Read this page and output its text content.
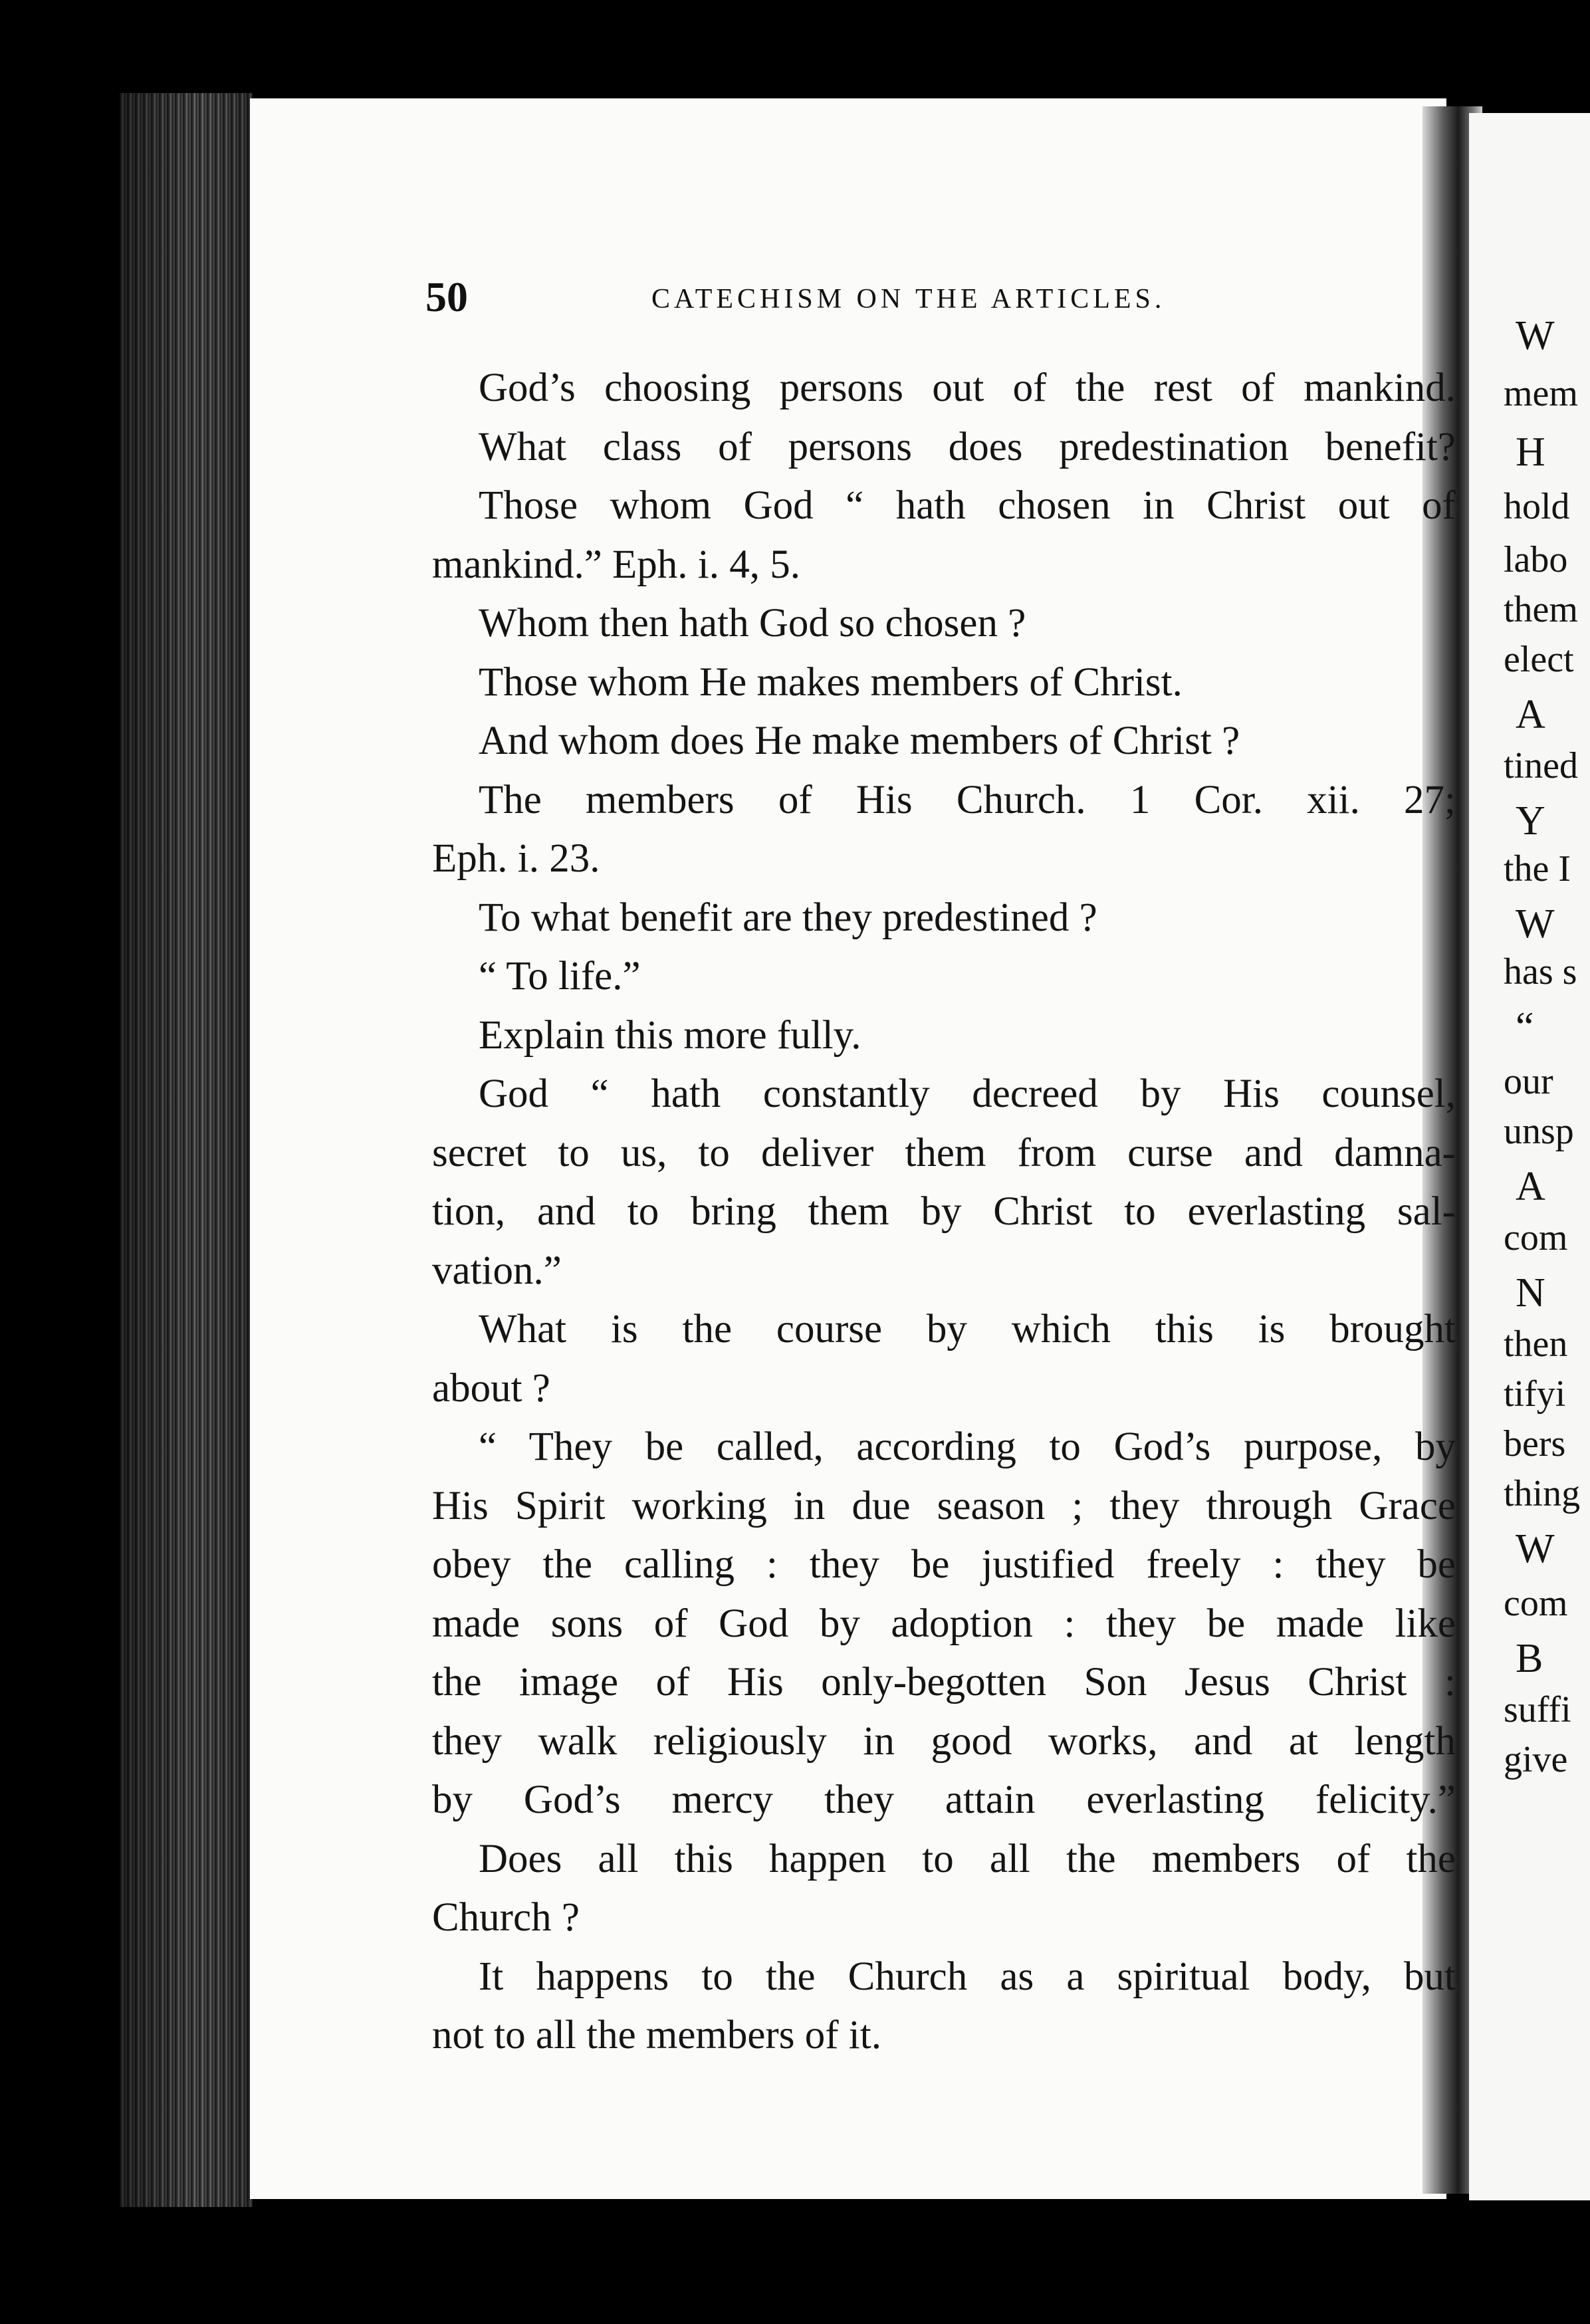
W
mem
H
hold
labo
them
elect
A
tined
Y
the I
W
has s
“
our
unsp
A
com
N
then
tifyi
bers
thing
W
com
B
suffi
give
50	CATECHISM ON THE ARTICLES.
God’s choosing persons out of the rest of mankind.
What class of persons does predestination benefit?
Those whom God “ hath chosen in Christ out of
mankind.” Eph. i. 4, 5.
Whom then hath God so chosen ?
Those whom He makes members of Christ.
And whom does He make members of Christ ?
The members of His Church. 1 Cor. xii. 27;
Eph. i. 23.
To what benefit are they predestined ?
“ To life.”
Explain this more fully.
God “ hath constantly decreed by His counsel,
secret to us, to deliver them from curse and damna-
tion, and to bring them by Christ to everlasting sal-
vation.”
What is the course by which this is brought
about ?
“ They be called, according to God’s purpose, by
His Spirit working in due season ; they through Grace
obey the calling : they be justified freely : they be
made sons of God by adoption : they be made like
the image of His only-begotten Son Jesus Christ :
they walk religiously in good works, and at length
by God’s mercy they attain everlasting felicity.”
Does all this happen to all the members of the
Church ?
It happens to the Church as a spiritual body, but
not to all the members of it.
